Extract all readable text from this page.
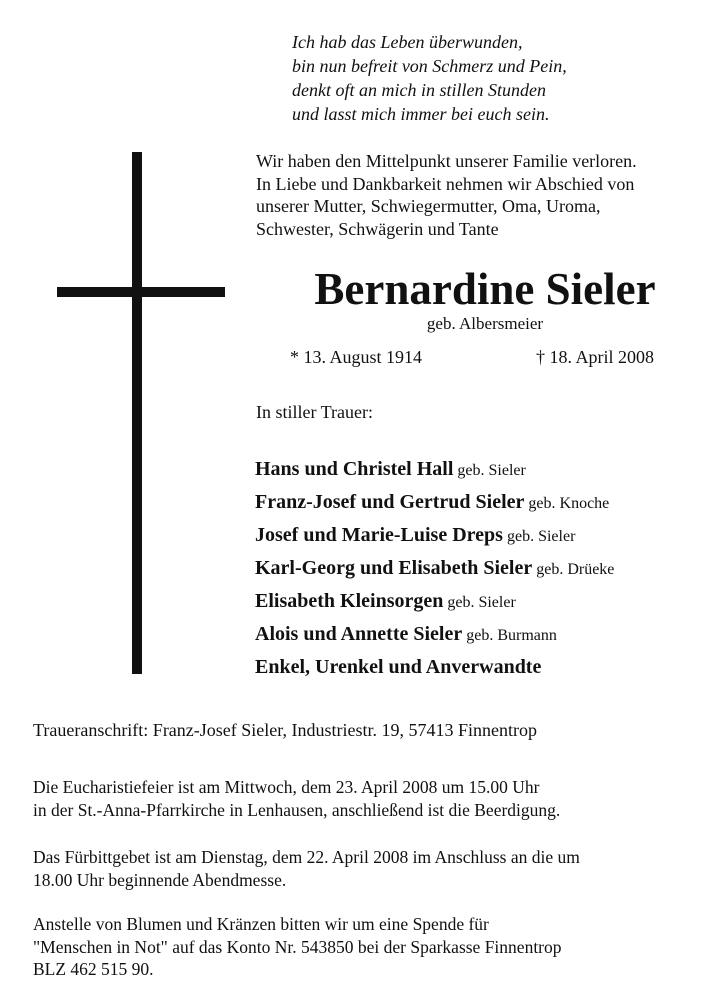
Ich hab das Leben überwunden,
bin nun befreit von Schmerz und Pein,
denkt oft an mich in stillen Stunden
und lasst mich immer bei euch sein.
Wir haben den Mittelpunkt unserer Familie verloren.
In Liebe und Dankbarkeit nehmen wir Abschied von
unserer Mutter, Schwiegermutter, Oma, Uroma,
Schwester, Schwägerin und Tante
Bernardine Sieler
geb. Albersmeier
* 13. August 1914	† 18. April 2008
In stiller Trauer:
Hans und Christel Hall geb. Sieler
Franz-Josef und Gertrud Sieler geb. Knoche
Josef und Marie-Luise Dreps geb. Sieler
Karl-Georg und Elisabeth Sieler geb. Drüeke
Elisabeth Kleinsorgen geb. Sieler
Alois und Annette Sieler geb. Burmann
Enkel, Urenkel und Anverwandte
Traueranschrift: Franz-Josef Sieler, Industriestr. 19, 57413 Finnentrop
Die Eucharistiefeier ist am Mittwoch, dem 23. April 2008 um 15.00 Uhr
in der St.-Anna-Pfarrkirche in Lenhausen, anschließend ist die Beerdigung.
Das Fürbittgebet ist am Dienstag, dem 22. April 2008 im Anschluss an die um
18.00 Uhr beginnende Abendmesse.
Anstelle von Blumen und Kränzen bitten wir um eine Spende für
"Menschen in Not" auf das Konto Nr. 543850 bei der Sparkasse Finnentrop
BLZ 462 515 90.
